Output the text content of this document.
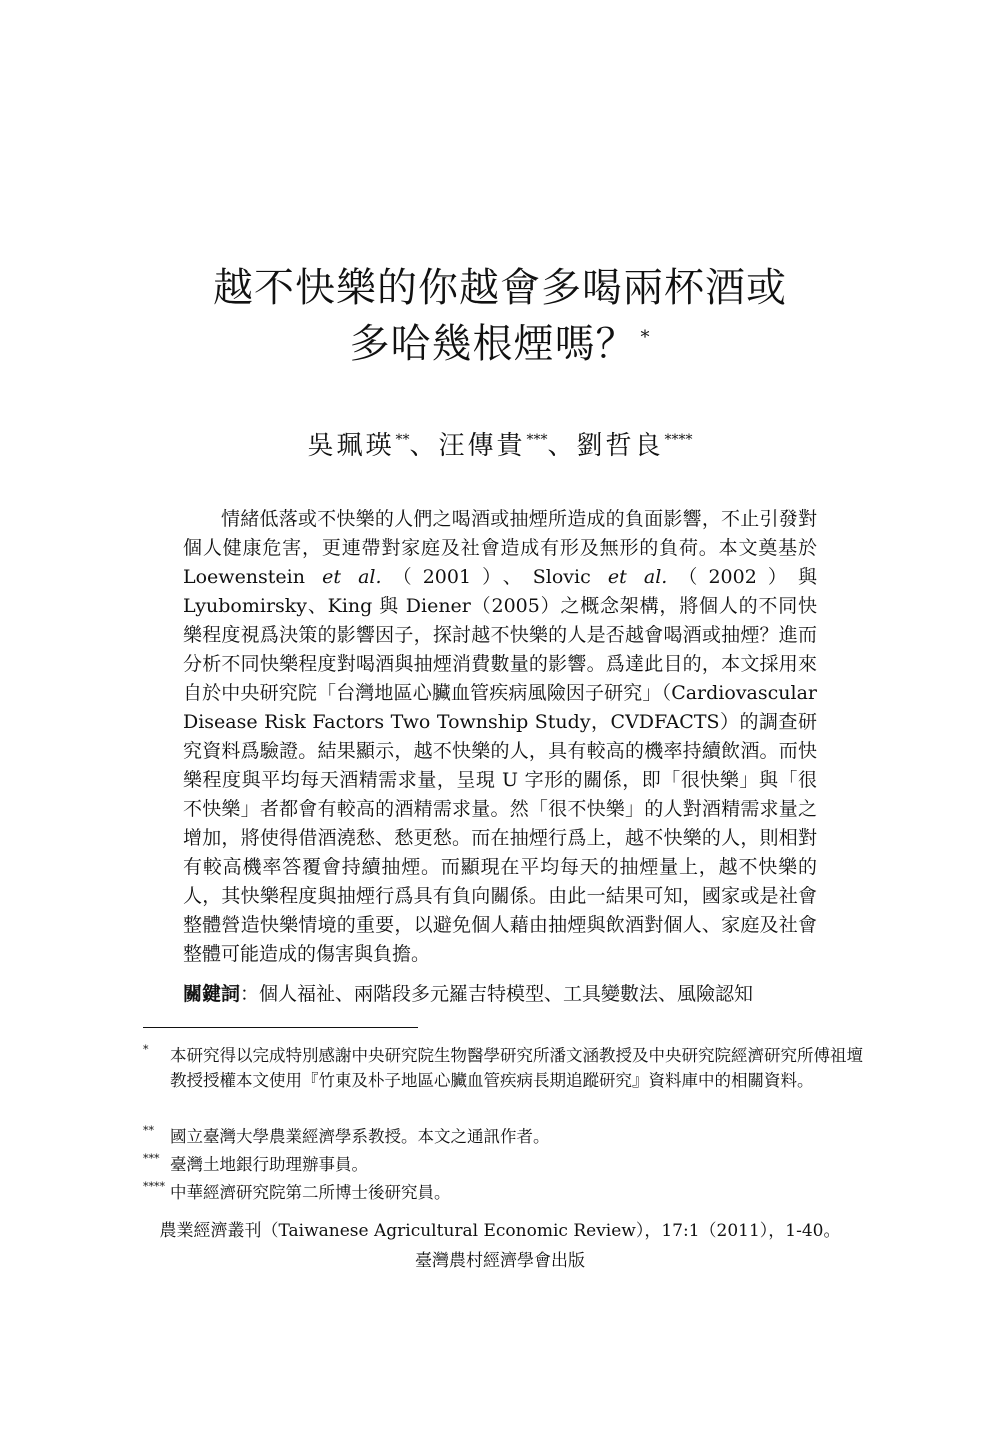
越不快樂的你越會多喝兩杯酒或
多哈幾根煙嗎？ *
吳珮瑛**、汪傳貴***、劉哲良****
情緒低落或不快樂的人們之喝酒或抽煙所造成的負面影響，不止引發對個人健康危害，更連帶對家庭及社會造成有形及無形的負荷。本文奠基於 Loewenstein et al.（2001）、Slovic et al.（2002）與 Lyubomirsky、King 與 Diener（2005）之概念架構，將個人的不同快樂程度視爲決策的影響因子，探討越不快樂的人是否越會喝酒或抽煙？進而分析不同快樂程度對喝酒與抽煙消費數量的影響。爲達此目的，本文採用來自於中央研究院「台灣地區心臟血管疾病風險因子研究」（Cardiovascular Disease Risk Factors Two Township Study，CVDFACTS）的調查研究資料爲驗證。結果顯示，越不快樂的人，具有較高的機率持續飲酒。而快樂程度與平均每天酒精需求量，呈現 U 字形的關係，即「很快樂」與「很不快樂」者都會有較高的酒精需求量。然「很不快樂」的人對酒精需求量之增加，將使得借酒澆愁、愁更愁。而在抽煙行爲上，越不快樂的人，則相對有較高機率答覆會持續抽煙。而顯現在平均每天的抽煙量上，越不快樂的人，其快樂程度與抽煙行爲具有負向關係。由此一結果可知，國家或是社會整體營造快樂情境的重要，以避免個人藉由抽煙與飲酒對個人、家庭及社會整體可能造成的傷害與負擔。
關鍵詞：個人福祉、兩階段多元羅吉特模型、工具變數法、風險認知
* 本研究得以完成特別感謝中央研究院生物醫學研究所潘文涵教授及中央研究院經濟研究所傅祖壇教授授權本文使用『竹東及朴子地區心臟血管疾病長期追蹤研究』資料庫中的相關資料。
** 國立臺灣大學農業經濟學系教授。本文之通訊作者。
*** 臺灣土地銀行助理辦事員。
**** 中華經濟研究院第二所博士後研究員。
農業經濟叢刊（Taiwanese Agricultural Economic Review），17:1（2011），1-40。
臺灣農村經濟學會出版
